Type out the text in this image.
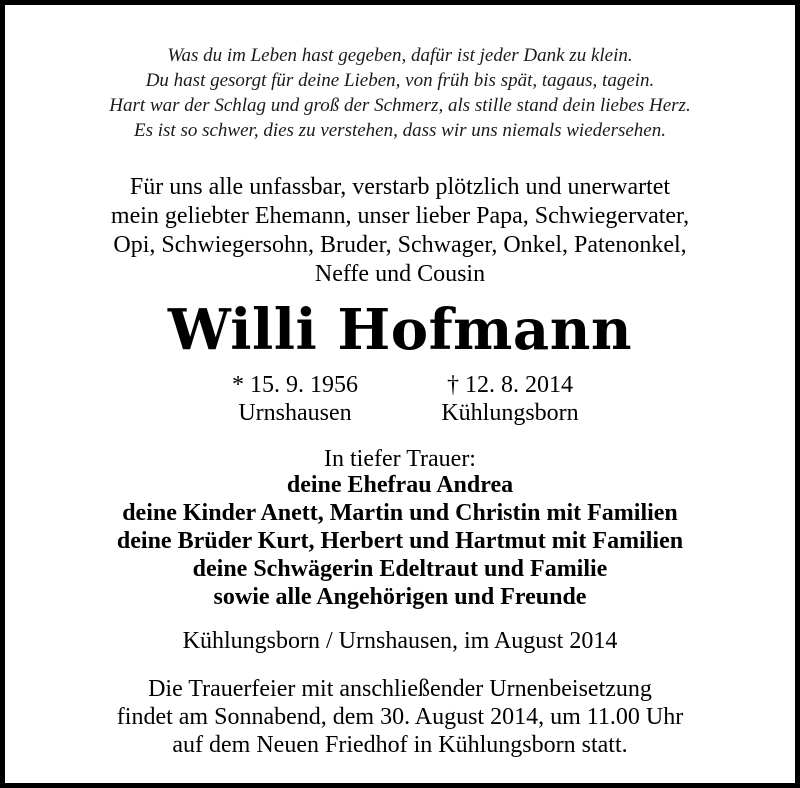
Was du im Leben hast gegeben, dafür ist jeder Dank zu klein.
Du hast gesorgt für deine Lieben, von früh bis spät, tagaus, tagein.
Hart war der Schlag und groß der Schmerz, als stille stand dein liebes Herz.
Es ist so schwer, dies zu verstehen, dass wir uns niemals wiedersehen.
Für uns alle unfassbar, verstarb plötzlich und unerwartet
mein geliebter Ehemann, unser lieber Papa, Schwiegervater,
Opi, Schwiegersohn, Bruder, Schwager, Onkel, Patenonkel,
Neffe und Cousin
Willi Hofmann
* 15. 9. 1956
Urnshausen
† 12. 8. 2014
Kühlungsborn
In tiefer Trauer:
deine Ehefrau Andrea
deine Kinder Anett, Martin und Christin mit Familien
deine Brüder Kurt, Herbert und Hartmut mit Familien
deine Schwägerin Edeltraut und Familie
sowie alle Angehörigen und Freunde
Kühlungsborn / Urnshausen, im August 2014
Die Trauerfeier mit anschließender Urnenbeisetzung
findet am Sonnabend, dem 30. August 2014, um 11.00 Uhr
auf dem Neuen Friedhof in Kühlungsborn statt.
